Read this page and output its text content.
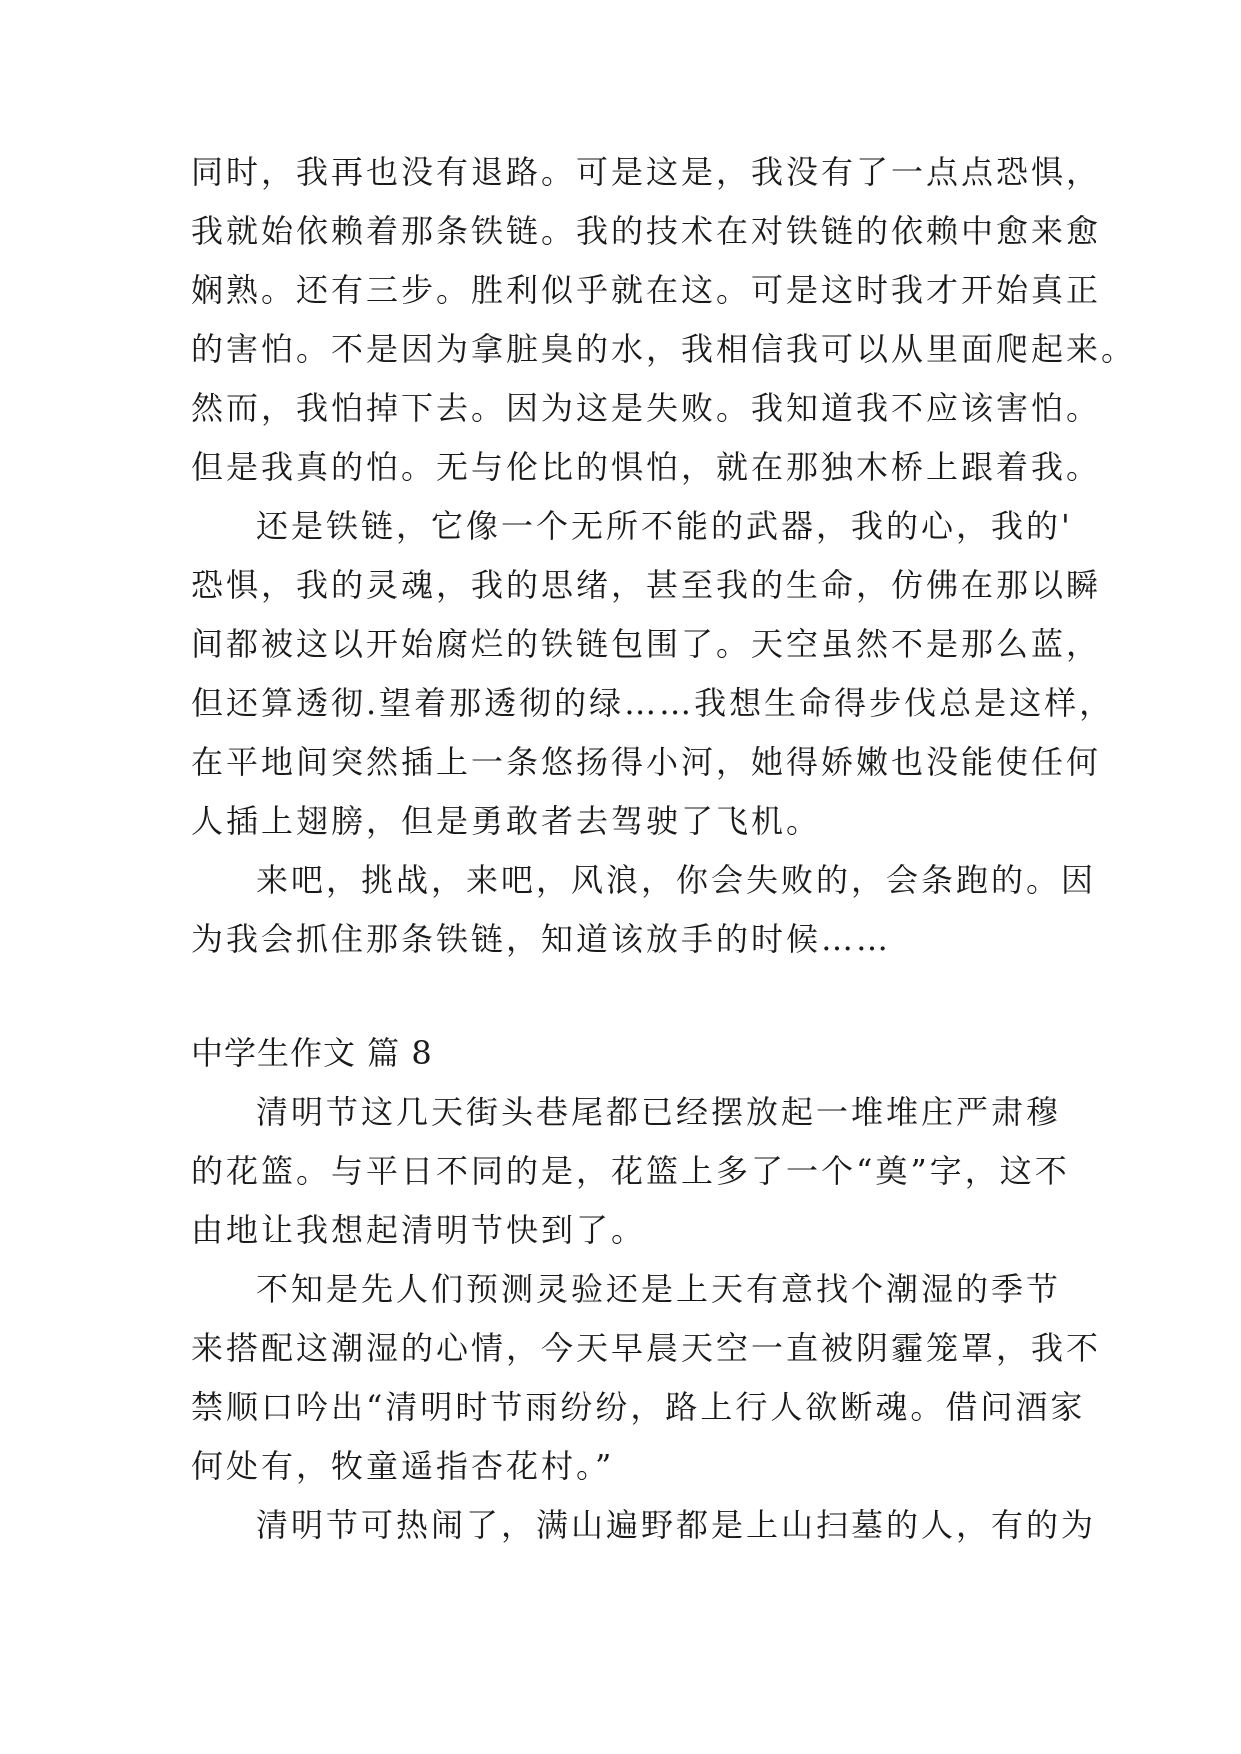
同时，我再也没有退路。可是这是，我没有了一点点恐惧，
我就始依赖着那条铁链。我的技术在对铁链的依赖中愈来愈
娴熟。还有三步。胜利似乎就在这。可是这时我才开始真正
的害怕。不是因为拿脏臭的水，我相信我可以从里面爬起来。
然而，我怕掉下去。因为这是失败。我知道我不应该害怕。
但是我真的怕。无与伦比的惧怕，就在那独木桥上跟着我。
还是铁链，它像一个无所不能的武器，我的心，我的'
恐惧，我的灵魂，我的思绪，甚至我的生命，仿佛在那以瞬
间都被这以开始腐烂的铁链包围了。天空虽然不是那么蓝，
但还算透彻.望着那透彻的绿……我想生命得步伐总是这样，
在平地间突然插上一条悠扬得小河，她得娇嫩也没能使任何
人插上翅膀，但是勇敢者去驾驶了飞机。
来吧，挑战，来吧，风浪，你会失败的，会条跑的。因
为我会抓住那条铁链，知道该放手的时候……
中学生作文 篇 8
清明节这几天街头巷尾都已经摆放起一堆堆庄严肃穆
的花篮。与平日不同的是，花篮上多了一个“奠”字，这不
由地让我想起清明节快到了。
不知是先人们预测灵验还是上天有意找个潮湿的季节
来搭配这潮湿的心情，今天早晨天空一直被阴霾笼罩，我不
禁顺口吟出“清明时节雨纷纷，路上行人欲断魂。借问酒家
何处有，牧童遥指杏花村。”
清明节可热闹了，满山遍野都是上山扫墓的人，有的为
